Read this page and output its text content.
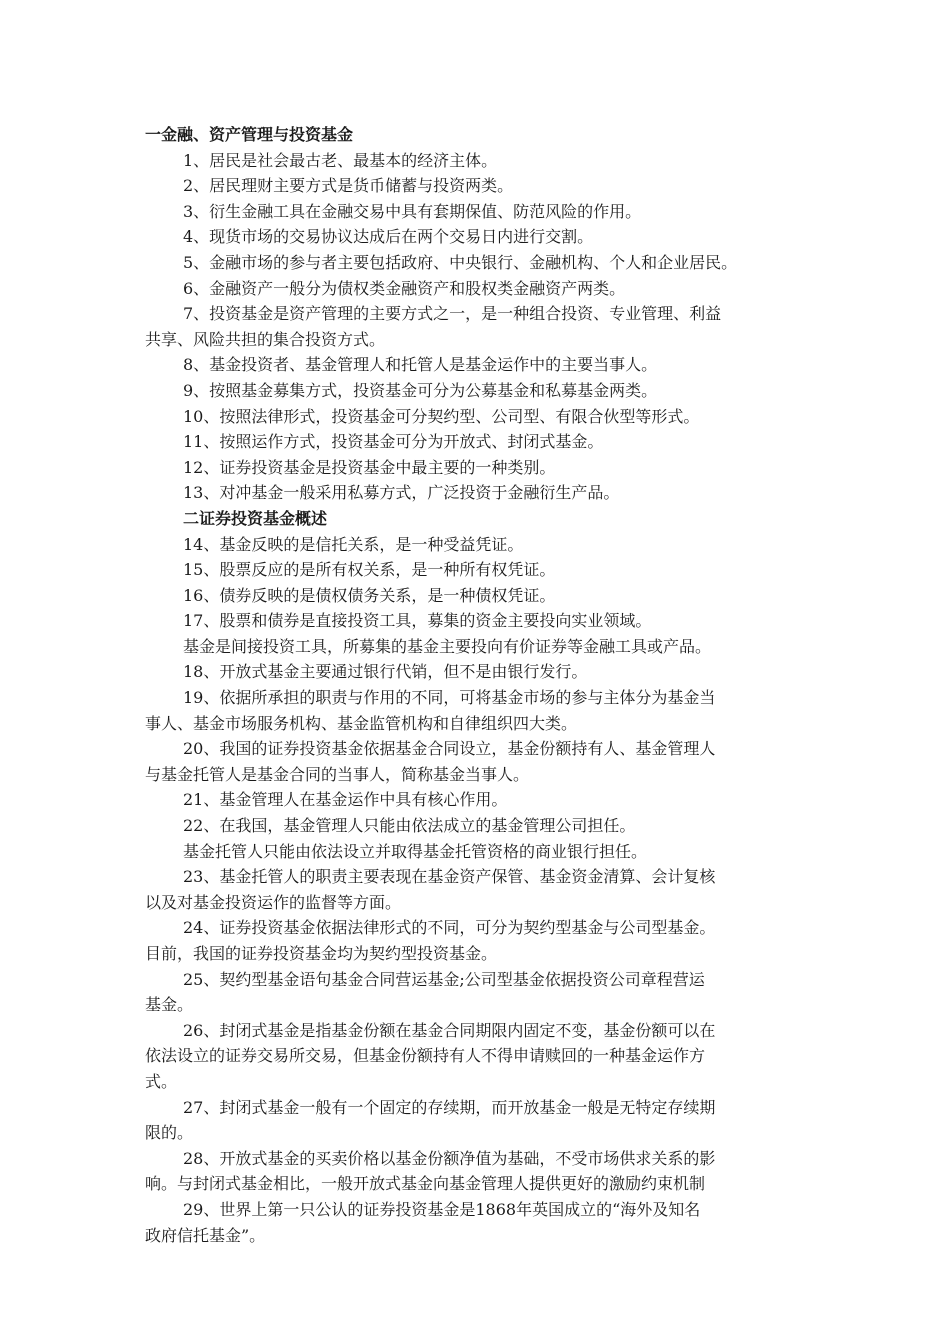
一金融、资产管理与投资基金
1、居民是社会最古老、最基本的经济主体。
2、居民理财主要方式是货币储蓄与投资两类。
3、衍生金融工具在金融交易中具有套期保值、防范风险的作用。
4、现货市场的交易协议达成后在两个交易日内进行交割。
5、金融市场的参与者主要包括政府、中央银行、金融机构、个人和企业居民。
6、金融资产一般分为债权类金融资产和股权类金融资产两类。
7、投资基金是资产管理的主要方式之一，是一种组合投资、专业管理、利益
共享、风险共担的集合投资方式。
8、基金投资者、基金管理人和托管人是基金运作中的主要当事人。
9、按照基金募集方式，投资基金可分为公募基金和私募基金两类。
10、按照法律形式，投资基金可分契约型、公司型、有限合伙型等形式。
11、按照运作方式，投资基金可分为开放式、封闭式基金。
12、证券投资基金是投资基金中最主要的一种类别。
13、对冲基金一般采用私募方式，广泛投资于金融衍生产品。
二证券投资基金概述
14、基金反映的是信托关系，是一种受益凭证。
15、股票反应的是所有权关系，是一种所有权凭证。
16、债券反映的是债权债务关系，是一种债权凭证。
17、股票和债券是直接投资工具，募集的资金主要投向实业领域。
基金是间接投资工具，所募集的基金主要投向有价证券等金融工具或产品。
18、开放式基金主要通过银行代销，但不是由银行发行。
19、依据所承担的职责与作用的不同，可将基金市场的参与主体分为基金当
事人、基金市场服务机构、基金监管机构和自律组织四大类。
20、我国的证券投资基金依据基金合同设立，基金份额持有人、基金管理人
与基金托管人是基金合同的当事人，简称基金当事人。
21、基金管理人在基金运作中具有核心作用。
22、在我国，基金管理人只能由依法成立的基金管理公司担任。
基金托管人只能由依法设立并取得基金托管资格的商业银行担任。
23、基金托管人的职责主要表现在基金资产保管、基金资金清算、会计复核
以及对基金投资运作的监督等方面。
24、证券投资基金依据法律形式的不同，可分为契约型基金与公司型基金。
目前，我国的证券投资基金均为契约型投资基金。
25、契约型基金语句基金合同营运基金;公司型基金依据投资公司章程营运
基金。
26、封闭式基金是指基金份额在基金合同期限内固定不变，基金份额可以在
依法设立的证券交易所交易，但基金份额持有人不得申请赎回的一种基金运作方
式。
27、封闭式基金一般有一个固定的存续期，而开放基金一般是无特定存续期
限的。
28、开放式基金的买卖价格以基金份额净值为基础，不受市场供求关系的影
响。与封闭式基金相比，一般开放式基金向基金管理人提供更好的激励约束机制
29、世界上第一只公认的证券投资基金是1868年英国成立的“海外及知名
政府信托基金”。
